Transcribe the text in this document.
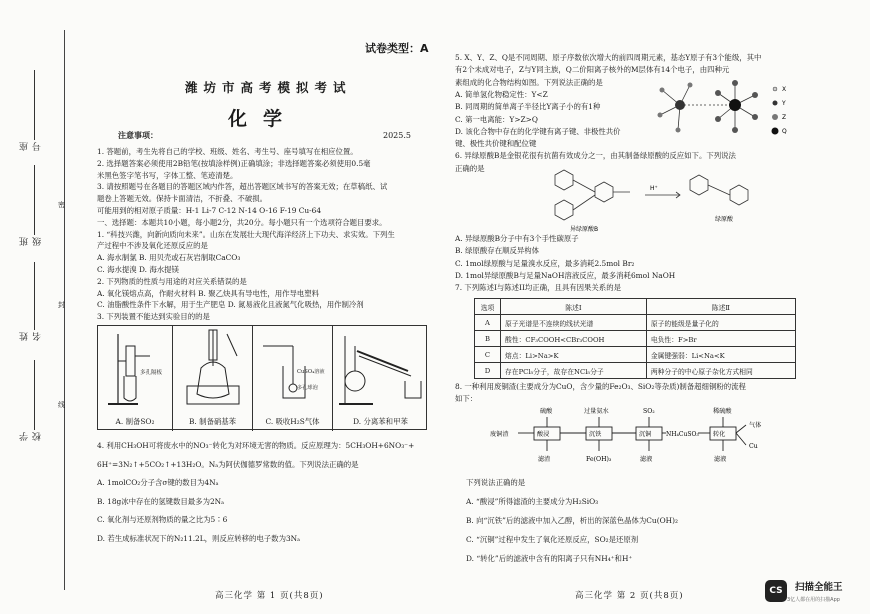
座号
班级
姓名
学校
密
封
线
试卷类型：A
潍坊市高考模拟考试
化学
注意事项：	2025.5
1. 答题前，考生先将自己的学校、班级、姓名、考生号、座号填写在相应位置。
2. 选择题答案必须使用2B铅笔(按填涂样例)正确填涂；非选择题答案必须使用0.5毫
米黑色签字笔书写，字体工整、笔迹清楚。
3. 请按照题号在各题目的答题区域内作答，超出答题区域书写的答案无效；在草稿纸、试
题卷上答题无效。保持卡面清洁，不折叠、不破损。
可能用到的相对原子质量：H-1 Li-7 C-12 N-14 O-16 F-19 Cu-64
一、选择题：本题共10小题，每小题2分，共20分。每小题只有一个选项符合题目要求。
1. “科技兴潍，向新向质向未来”。山东在发展壮大现代海洋经济上下功夫、求实效。下列生
产过程中不涉及氧化还原反应的是
A. 海水制氯 B. 用贝壳或石灰岩制取CaCO₃
C. 海水提溴 D. 海水提镁
2. 下列物质的性质与用途的对应关系错误的是
A. 氧化镁熔点高，作耐火材料 B. 聚乙炔具有导电性，用作导电塑料
C. 油脂酸性条件下水解，用于生产肥皂 D. 氮易液化且液氮气化吸热，用作制冷剂
3. 下列装置不能达到实验目的的是
多孔隔板
A. 制备SO₂	B. 制备硝基苯
CuSO₄溶液
多孔球泡
C. 吸收H₂S气体	D. 分离苯和甲苯
4. 利用CH₃OH可将废水中的NO₃⁻转化为对环境无害的物质。反应原理为：5CH₃OH+6NO₃⁻+
6H⁺=3N₂↑+5CO₂↑+13H₂O。Nₐ为阿伏伽德罗常数的值。下列说法正确的是
A. 1molCO₂分子含σ键的数目为4Nₐ
B. 18g冰中存在的氢键数目最多为2Nₐ
C. 氧化剂与还原剂物质的量之比为5∶6
D. 若生成标准状况下的N₂11.2L，则反应转移的电子数为3Nₐ
5. X、Y、Z、Q是不同周期、原子序数依次增大的前四周期元素，基态Y原子有3个能级，其中
有2个未成对电子，Z与Y同主族，Q二价阳离子核外的M层体有14个电子，由四种元
素组成的化合物结构如图。下列说法正确的是
A. 简单氢化物稳定性：Y<Z
B. 同周期的简单离子半径比Y离子小的有1种
C. 第一电离能：Y>Z>Q
D. 该化合物中存在的化学键有离子键、非极性共价
键、极性共价键和配位键
6. 异绿原酸B是金银花很有抗菌有效成分之一，由其制备绿原酸的反应如下。下列说法
正确的是
X
Y
Z
Q
H⁺
异绿原酸B
绿原酸
A. 异绿原酸B分子中有3个手性碳原子
B. 绿原酸存在顺反异构体
C. 1mol绿原酸与足量溴水反应，最多消耗2.5mol Br₂
D. 1mol异绿原酸B与足量NaOH溶液反应，最多消耗6mol NaOH
7. 下列陈述I与陈述II均正确，且具有因果关系的是
选项	陈述Ⅰ	陈述Ⅱ
A	原子光谱是不连续的线状光谱	原子的能级是量子化的
B	酸性：CF₃COOH<CBr₃COOH	电负性：F>Br
C	熔点：Li>Na>K	金属键强弱：Li<Na<K
D	存在PCl₅分子，故存在NCl₅分子	两种分子的中心原子杂化方式相同
8. 一种利用废铜渣(主要成分为CuO，含少量的Fe₂O₃、SiO₂等杂质)制备超细铜粉的流程
如下：
硫酸	过量氨水	SO₂	稀硫酸
废铜渣	酸浸	沉铁	沉铜	转化
NH₄CuSO₃
滤渣	Fe(OH)₃	滤液	滤液
气体
Cu
下列说法正确的是
A. “酸浸”所得滤渣的主要成分为H₂SiO₃
B. 向“沉铁”后的滤液中加入乙醇，析出的深蓝色晶体为Cu(OH)₂
C. “沉铜”过程中发生了氧化还原反应，SO₂是还原剂
D. “转化”后的滤液中含有的阳离子只有NH₄⁺和H⁺
高三化学 第 1 页(共8页)	高三化学 第 2 页(共8页)	CS	扫描全能王
3亿人都在用的扫描App
